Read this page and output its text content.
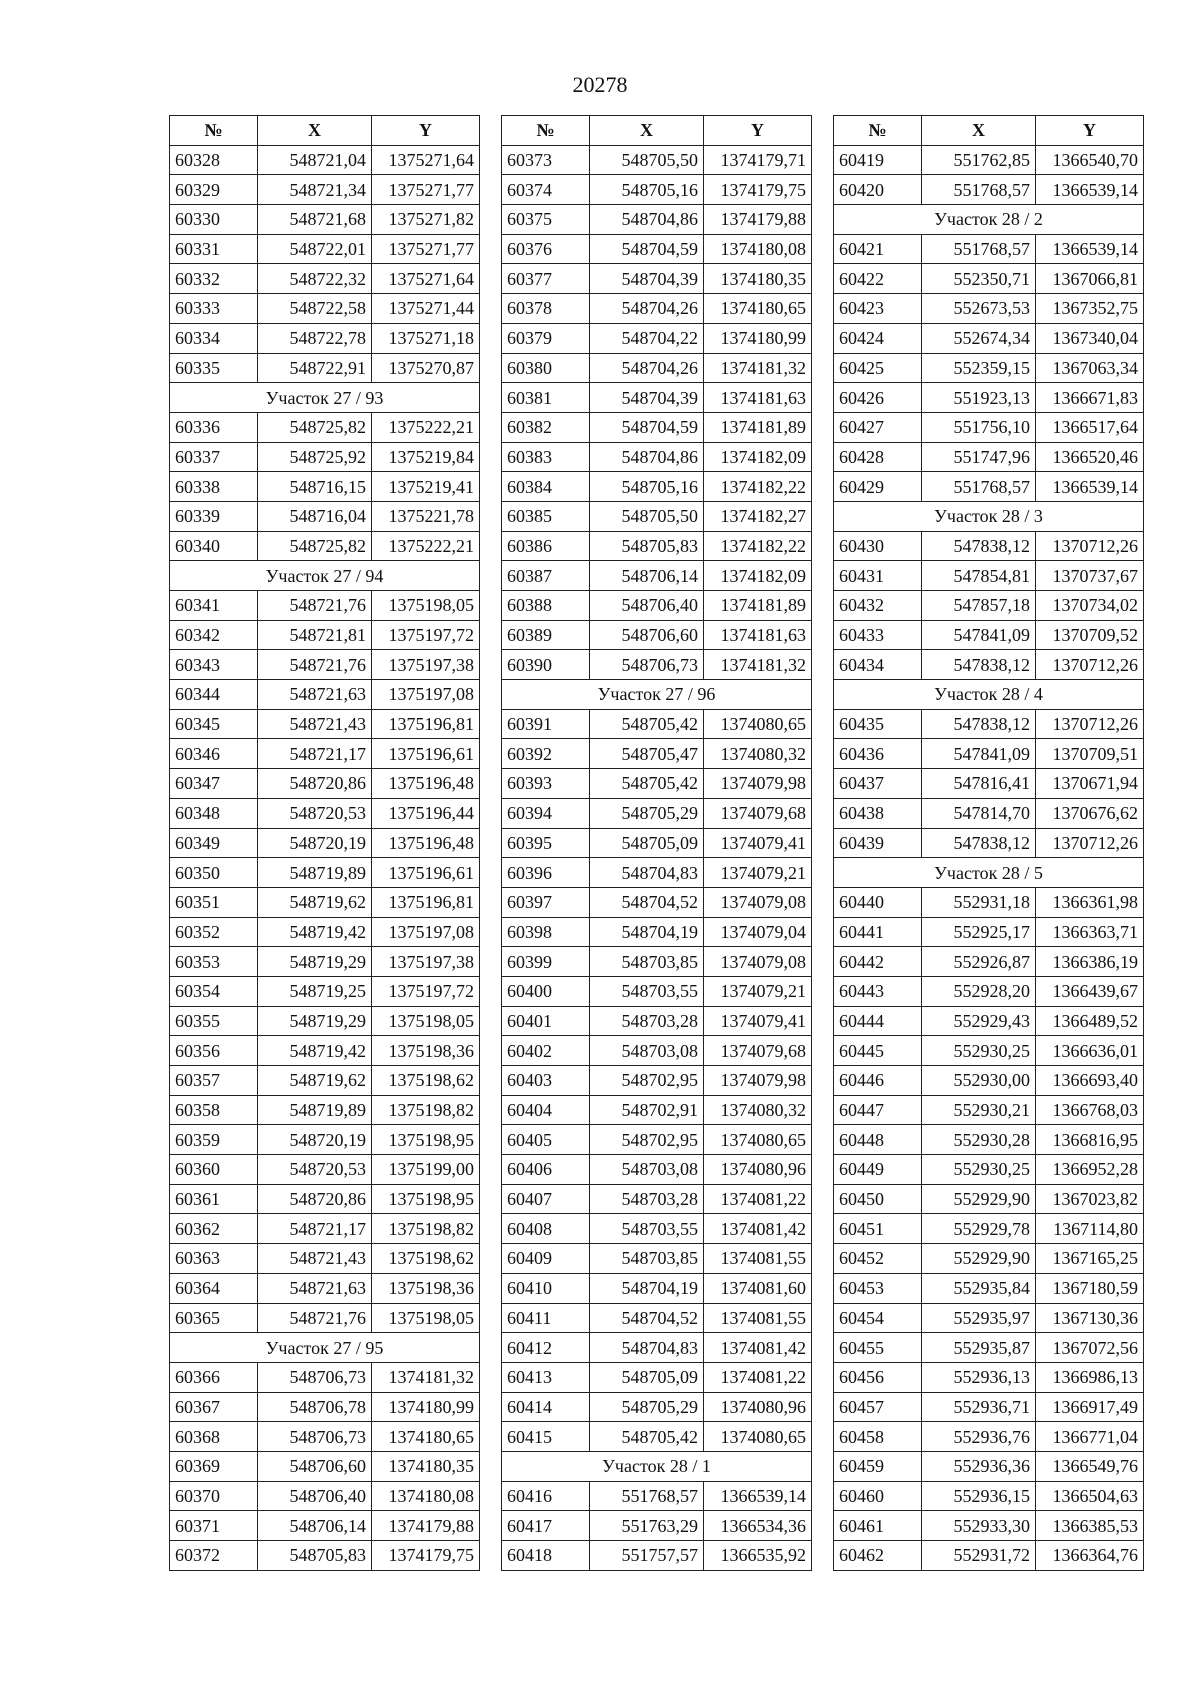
20278
№	X	Y
60328	548721,04	1375271,64
60329	548721,34	1375271,77
60330	548721,68	1375271,82
60331	548722,01	1375271,77
60332	548722,32	1375271,64
60333	548722,58	1375271,44
60334	548722,78	1375271,18
60335	548722,91	1375270,87
Участок 27 / 93		
60336	548725,82	1375222,21
60337	548725,92	1375219,84
60338	548716,15	1375219,41
60339	548716,04	1375221,78
60340	548725,82	1375222,21
Участок 27 / 94		
60341	548721,76	1375198,05
60342	548721,81	1375197,72
60343	548721,76	1375197,38
60344	548721,63	1375197,08
60345	548721,43	1375196,81
60346	548721,17	1375196,61
60347	548720,86	1375196,48
60348	548720,53	1375196,44
60349	548720,19	1375196,48
60350	548719,89	1375196,61
60351	548719,62	1375196,81
60352	548719,42	1375197,08
60353	548719,29	1375197,38
60354	548719,25	1375197,72
60355	548719,29	1375198,05
60356	548719,42	1375198,36
60357	548719,62	1375198,62
60358	548719,89	1375198,82
60359	548720,19	1375198,95
60360	548720,53	1375199,00
60361	548720,86	1375198,95
60362	548721,17	1375198,82
60363	548721,43	1375198,62
60364	548721,63	1375198,36
60365	548721,76	1375198,05
Участок 27 / 95		
60366	548706,73	1374181,32
60367	548706,78	1374180,99
60368	548706,73	1374180,65
60369	548706,60	1374180,35
60370	548706,40	1374180,08
60371	548706,14	1374179,88
60372	548705,83	1374179,75
№	X	Y
60373	548705,50	1374179,71
60374	548705,16	1374179,75
60375	548704,86	1374179,88
60376	548704,59	1374180,08
60377	548704,39	1374180,35
60378	548704,26	1374180,65
60379	548704,22	1374180,99
60380	548704,26	1374181,32
60381	548704,39	1374181,63
60382	548704,59	1374181,89
60383	548704,86	1374182,09
60384	548705,16	1374182,22
60385	548705,50	1374182,27
60386	548705,83	1374182,22
60387	548706,14	1374182,09
60388	548706,40	1374181,89
60389	548706,60	1374181,63
60390	548706,73	1374181,32
Участок 27 / 96		
60391	548705,42	1374080,65
60392	548705,47	1374080,32
60393	548705,42	1374079,98
60394	548705,29	1374079,68
60395	548705,09	1374079,41
60396	548704,83	1374079,21
60397	548704,52	1374079,08
60398	548704,19	1374079,04
60399	548703,85	1374079,08
60400	548703,55	1374079,21
60401	548703,28	1374079,41
60402	548703,08	1374079,68
60403	548702,95	1374079,98
60404	548702,91	1374080,32
60405	548702,95	1374080,65
60406	548703,08	1374080,96
60407	548703,28	1374081,22
60408	548703,55	1374081,42
60409	548703,85	1374081,55
60410	548704,19	1374081,60
60411	548704,52	1374081,55
60412	548704,83	1374081,42
60413	548705,09	1374081,22
60414	548705,29	1374080,96
60415	548705,42	1374080,65
Участок 28 / 1		
60416	551768,57	1366539,14
60417	551763,29	1366534,36
60418	551757,57	1366535,92
№	X	Y
60419	551762,85	1366540,70
60420	551768,57	1366539,14
Участок 28 / 2		
60421	551768,57	1366539,14
60422	552350,71	1367066,81
60423	552673,53	1367352,75
60424	552674,34	1367340,04
60425	552359,15	1367063,34
60426	551923,13	1366671,83
60427	551756,10	1366517,64
60428	551747,96	1366520,46
60429	551768,57	1366539,14
Участок 28 / 3		
60430	547838,12	1370712,26
60431	547854,81	1370737,67
60432	547857,18	1370734,02
60433	547841,09	1370709,52
60434	547838,12	1370712,26
Участок 28 / 4		
60435	547838,12	1370712,26
60436	547841,09	1370709,51
60437	547816,41	1370671,94
60438	547814,70	1370676,62
60439	547838,12	1370712,26
Участок 28 / 5		
60440	552931,18	1366361,98
60441	552925,17	1366363,71
60442	552926,87	1366386,19
60443	552928,20	1366439,67
60444	552929,43	1366489,52
60445	552930,25	1366636,01
60446	552930,00	1366693,40
60447	552930,21	1366768,03
60448	552930,28	1366816,95
60449	552930,25	1366952,28
60450	552929,90	1367023,82
60451	552929,78	1367114,80
60452	552929,90	1367165,25
60453	552935,84	1367180,59
60454	552935,97	1367130,36
60455	552935,87	1367072,56
60456	552936,13	1366986,13
60457	552936,71	1366917,49
60458	552936,76	1366771,04
60459	552936,36	1366549,76
60460	552936,15	1366504,63
60461	552933,30	1366385,53
60462	552931,72	1366364,76
